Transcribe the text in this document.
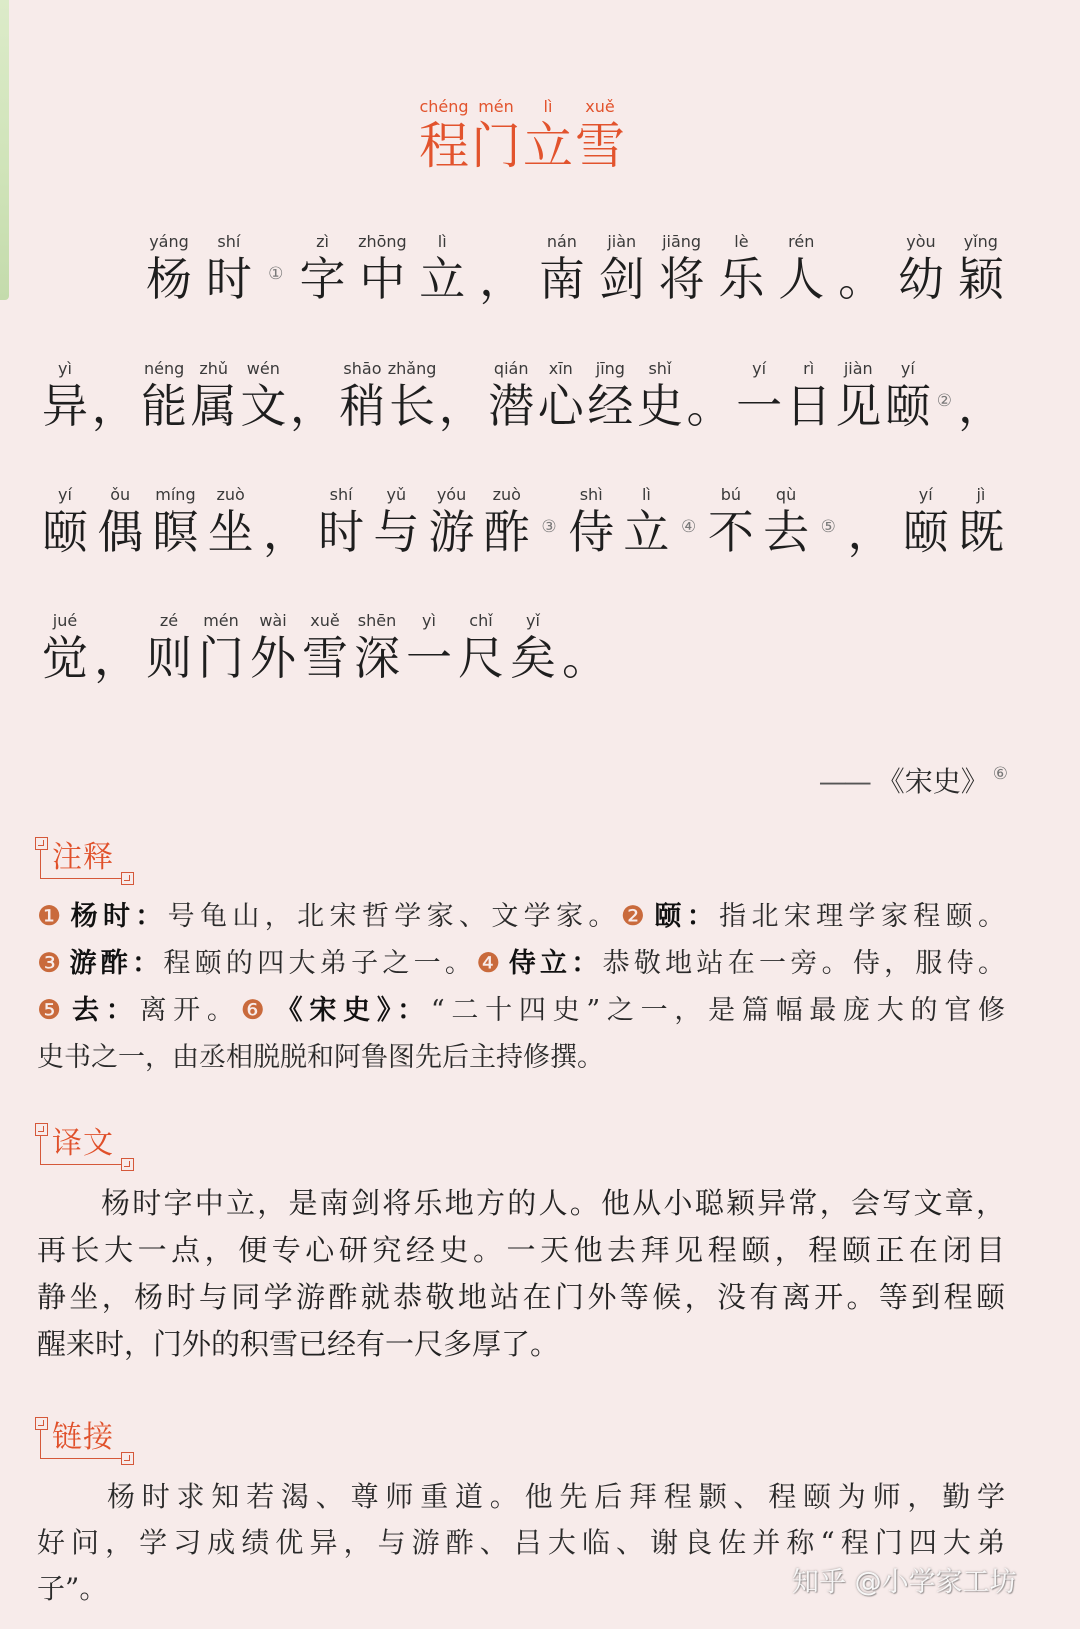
chéng
程
mén
门
lì
立
xuě
雪
yáng
杨
shí
时 ①
zì
字
zhōng
中
lì
立 ，
nán
南
jiàn
剑
jiāng
将
lè
乐
rén
人 。
yòu
幼
yǐng
颖
yì
异 ，
néng
能
zhǔ
属
wén
文 ，
shāo
稍
zhǎng
长 ，
qián
潜
xīn
心
jīng
经
shǐ
史 。
yí
一
rì
日
jiàn
见
yí
颐 ② ，
yí
颐
ǒu
偶
míng
瞑
zuò
坐 ，
shí
时
yǔ
与
yóu
游
zuò
酢 ③
shì
侍
lì
立 ④
bú
不
qù
去 ⑤ ，
yí
颐
jì
既
jué
觉 ，
zé
则
mén
门
wài
外
xuě
雪
shēn
深
yì
一
chǐ
尺
yǐ
矣 。
—— 《宋史》 ⑥
注释
❶ 杨时：号龟山，北宋哲学家、文学家。❷ 颐：指北宋理学家程颐。
❸ 游酢：程颐的四大弟子之一。❹ 侍立：恭敬地站在一旁。侍，服侍。
❺ 去：离开。❻ 《宋史》：“二十四史”之一，是篇幅最庞大的官修
史书之一，由丞相脱脱和阿鲁图先后主持修撰。
译文
杨时字中立，是南剑将乐地方的人。他从小聪颖异常，会写文章，
再长大一点，便专心研究经史。一天他去拜见程颐，程颐正在闭目
静坐，杨时与同学游酢就恭敬地站在门外等候，没有离开。等到程颐
醒来时，门外的积雪已经有一尺多厚了。
链接
杨时求知若渴、尊师重道。他先后拜程颢、程颐为师，勤学
好问，学习成绩优异，与游酢、吕大临、谢良佐并称“程门四大弟
子”。	知乎 @小学家工坊
